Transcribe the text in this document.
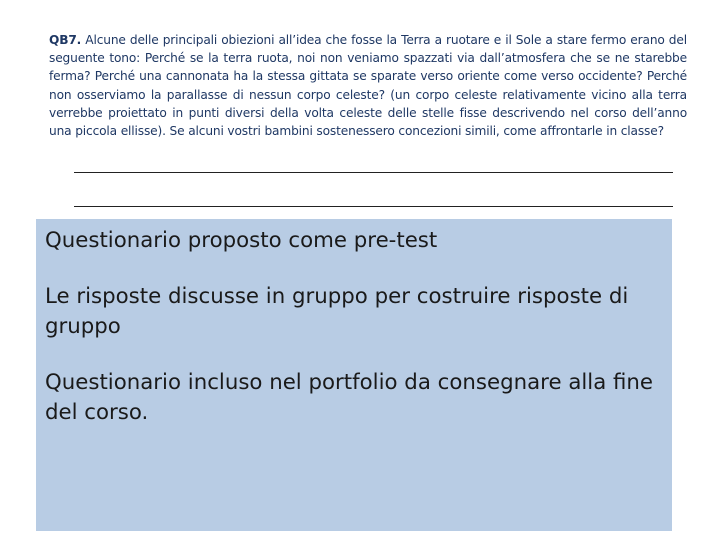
QB7. Alcune delle principali obiezioni all’idea che fosse la Terra a ruotare e il Sole a stare fermo erano del seguente tono: Perché se la terra ruota, noi non veniamo spazzati via dall’atmosfera che se ne starebbe ferma? Perché una cannonata ha la stessa gittata se sparate verso oriente come verso occidente? Perché non osserviamo la parallasse di nessun corpo celeste? (un corpo celeste relativamente vicino alla terra verrebbe proiettato in punti diversi della volta celeste delle stelle fisse descrivendo nel corso dell’anno una piccola ellisse). Se alcuni vostri bambini sostenessero concezioni simili, come affrontarle in classe?

Questionario proposto come pre-test

Le risposte discusse in gruppo per costruire risposte di gruppo

Questionario incluso nel portfolio da consegnare alla fine del corso.
